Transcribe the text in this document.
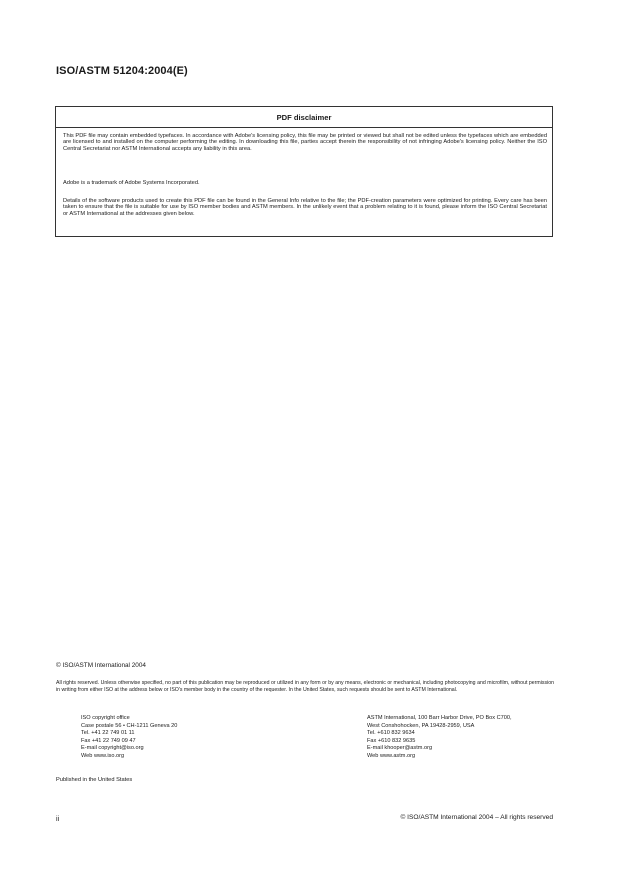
ISO/ASTM 51204:2004(E)
PDF disclaimer

This PDF file may contain embedded typefaces. In accordance with Adobe's licensing policy, this file may be printed or viewed but shall not be edited unless the typefaces which are embedded are licensed to and installed on the computer performing the editing. In downloading this file, parties accept therein the responsibility of not infringing Adobe's licensing policy. Neither the ISO Central Secretariat nor ASTM International accepts any liability in this area.

Adobe is a trademark of Adobe Systems Incorporated.

Details of the software products used to create this PDF file can be found in the General Info relative to the file; the PDF-creation parameters were optimized for printing. Every care has been taken to ensure that the file is suitable for use by ISO member bodies and ASTM members. In the unlikely event that a problem relating to it is found, please inform the ISO Central Secretariat or ASTM International at the addresses given below.

© ISO/ASTM International 2004

All rights reserved. Unless otherwise specified, no part of this publication may be reproduced or utilized in any form or by any means, electronic or mechanical, including photocopying and microfilm, without permission in writing from either ISO at the address below or ISO's member body in the country of the requester. In the United States, such requests should be sent to ASTM International.

ISO copyright office
Case postale 56 • CH-1211 Geneva 20
Tel. +41 22 749 01 11
Fax +41 22 749 09 47
E-mail copyright@iso.org
Web www.iso.org
ASTM International, 100 Barr Harbor Drive, PO Box C700,
West Conshohocken, PA 19428-2959, USA
Tel. +610 832 9634
Fax +610 832 9635
E-mail khooper@astm.org
Web www.astm.org
Published in the United States
ii	© ISO/ASTM International 2004 – All rights reserved
